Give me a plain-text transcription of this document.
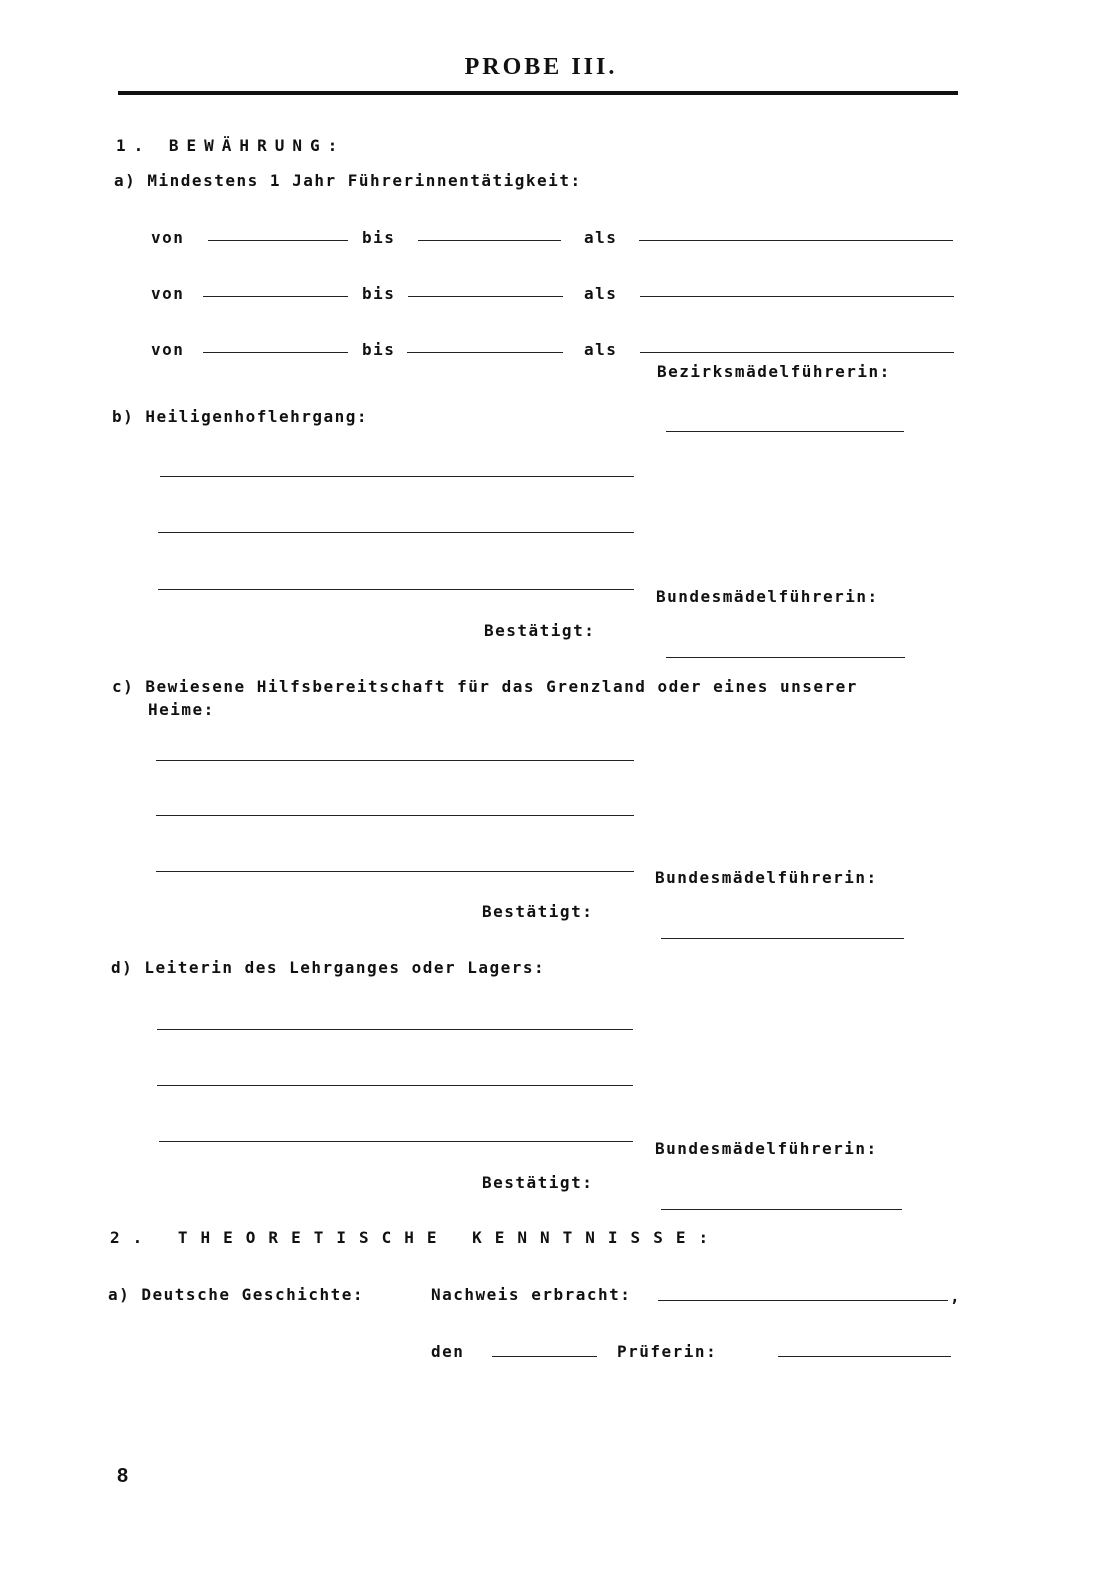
PROBE III.
1. BEWÄHRUNG:
a) Mindestens 1 Jahr Führerinnentätigkeit:
von	bis	als
von	bis	als
von	bis	als
Bezirksmädelführerin:
b) Heiligenhoflehrgang:
Bundesmädelführerin:
Bestätigt:
c) Bewiesene Hilfsbereitschaft für das Grenzland oder eines unserer
Heime:
Bundesmädelführerin:
Bestätigt:
d) Leiterin des Lehrganges oder Lagers:
Bundesmädelführerin:
Bestätigt:
2. THEORETISCHE KENNTNISSE:
a) Deutsche Geschichte:	Nachweis erbracht:	,
den	Prüferin:
8
